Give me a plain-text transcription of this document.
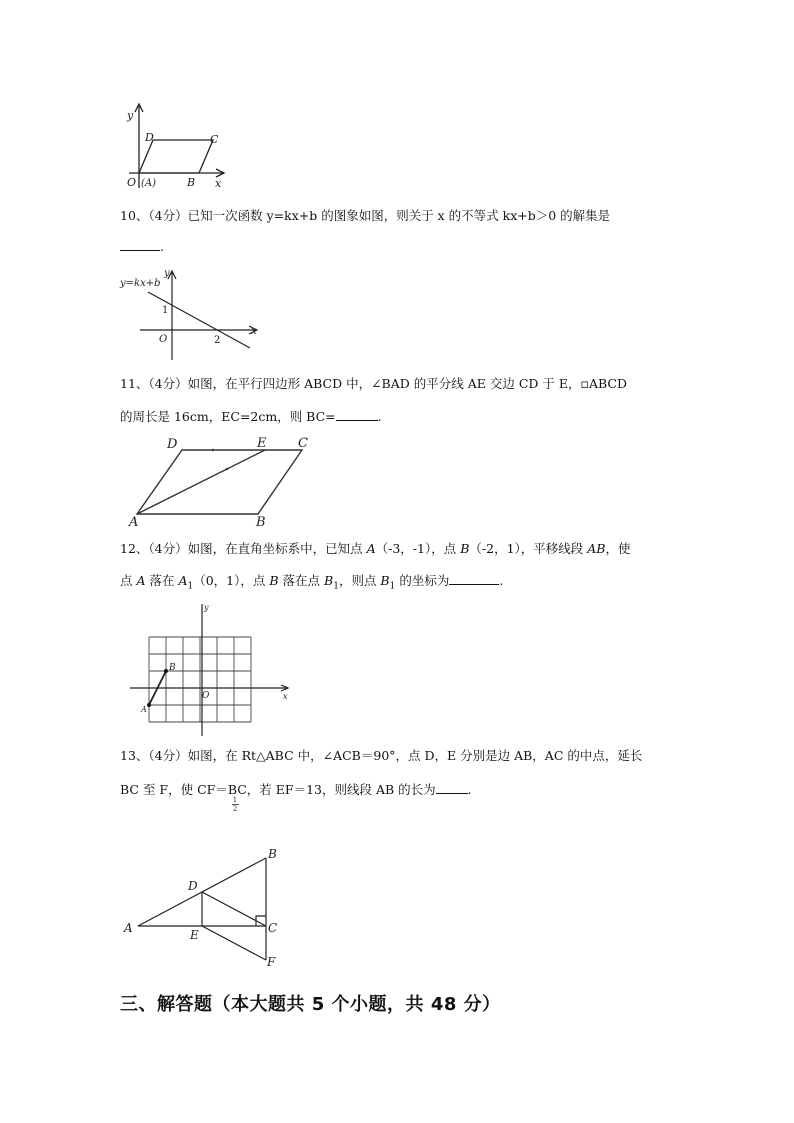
y
x
O (A)	B
C
D
10、（4分）已知一次函数 y=kx+b 的图象如图，则关于 x 的不等式 kx+b＞0 的解集是
.
y=kx+b
y
x
O
1
2
11、（4分）如图，在平行四边形 ABCD 中，∠BAD 的平分线 AE 交边 CD 于 E，▫ABCD
的周长是 16cm，EC=2cm，则 BC=	.
A	B
C
D	E
12、（4分）如图，在直角坐标系中，已知点 A（-3，-1），点 B（-2，1），平移线段 AB，使
点 A 落在 $A_1(0$，1），点 B 落在点 $B_1$，则点 $B_1$ 的坐标为	.
y
x
O
A
B
13、（4分）如图，在 Rt△ABC 中，∠ACB＝90°，点 D，E 分别是边 AB，AC 的中点，延长
BC 至 F，使 CF＝BC，若 EF＝13，则线段 AB 的长为	.
1
2
A
B
C
D
E
F
三、解答题（本大题共 5 个小题，共 48 分）
